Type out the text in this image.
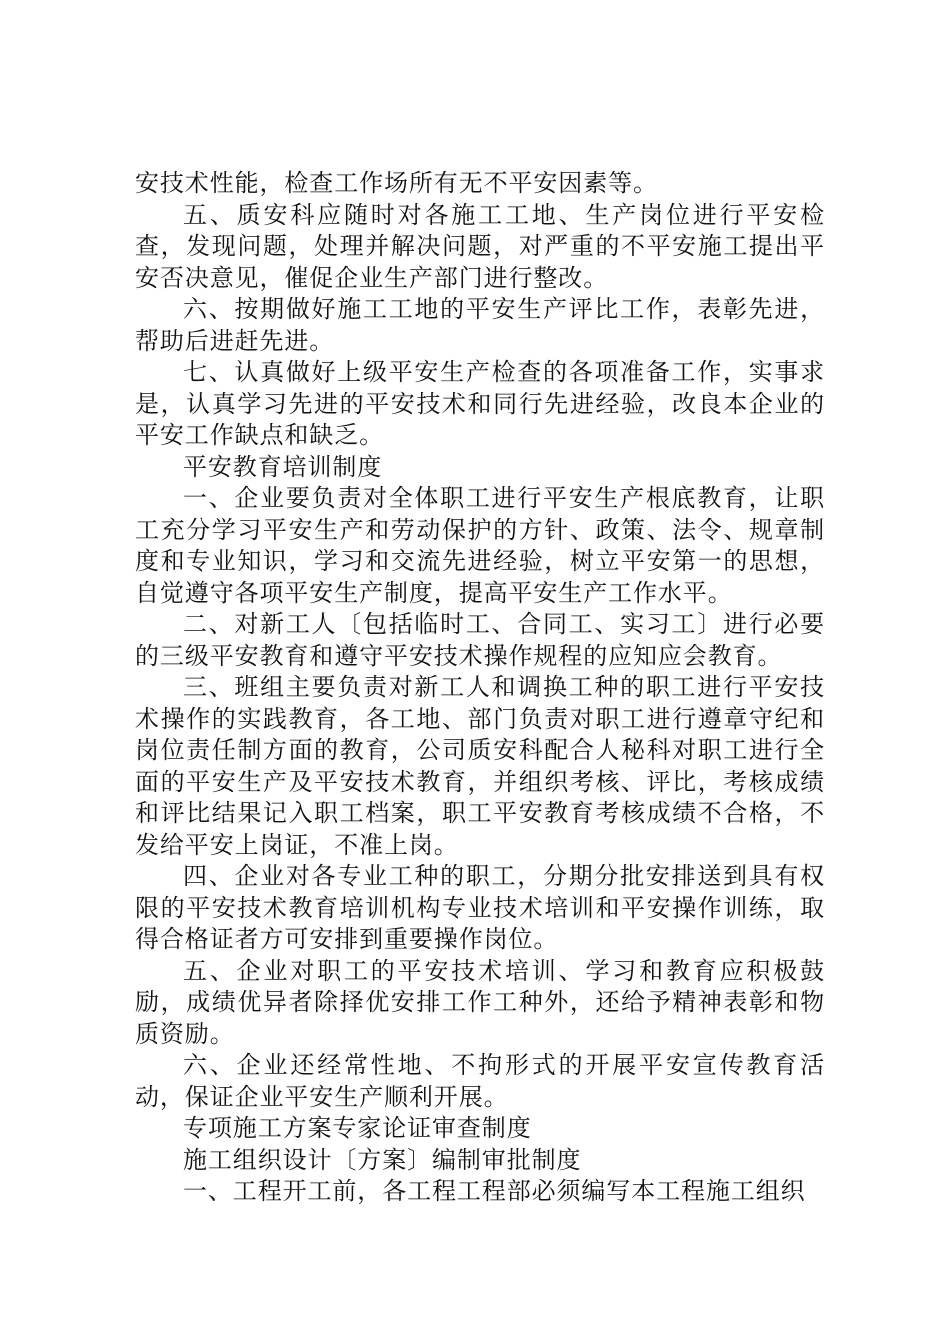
安技术性能，检查工作场所有无不平安因素等。

五、质安科应随时对各施工工地、生产岗位进行平安检查，发现问题，处理并解决问题，对严重的不平安施工提出平安否决意见，催促企业生产部门进行整改。

六、按期做好施工工地的平安生产评比工作，表彰先进，帮助后进赶先进。

七、认真做好上级平安生产检查的各项准备工作，实事求是，认真学习先进的平安技术和同行先进经验，改良本企业的平安工作缺点和缺乏。

平安教育培训制度

一、企业要负责对全体职工进行平安生产根底教育，让职工充分学习平安生产和劳动保护的方针、政策、法令、规章制度和专业知识，学习和交流先进经验，树立平安第一的思想，自觉遵守各项平安生产制度，提高平安生产工作水平。

二、对新工人〔包括临时工、合同工、实习工〕进行必要的三级平安教育和遵守平安技术操作规程的应知应会教育。

三、班组主要负责对新工人和调换工种的职工进行平安技术操作的实践教育，各工地、部门负责对职工进行遵章守纪和岗位责任制方面的教育，公司质安科配合人秘科对职工进行全面的平安生产及平安技术教育，并组织考核、评比，考核成绩和评比结果记入职工档案，职工平安教育考核成绩不合格，不发给平安上岗证，不准上岗。

四、企业对各专业工种的职工，分期分批安排送到具有权限的平安技术教育培训机构专业技术培训和平安操作训练，取得合格证者方可安排到重要操作岗位。

五、企业对职工的平安技术培训、学习和教育应积极鼓励，成绩优异者除择优安排工作工种外，还给予精神表彰和物质资励。

六、企业还经常性地、不拘形式的开展平安宣传教育活动，保证企业平安生产顺利开展。

专项施工方案专家论证审查制度

施工组织设计〔方案〕编制审批制度

一、工程开工前，各工程工程部必须编写本工程施工组织
